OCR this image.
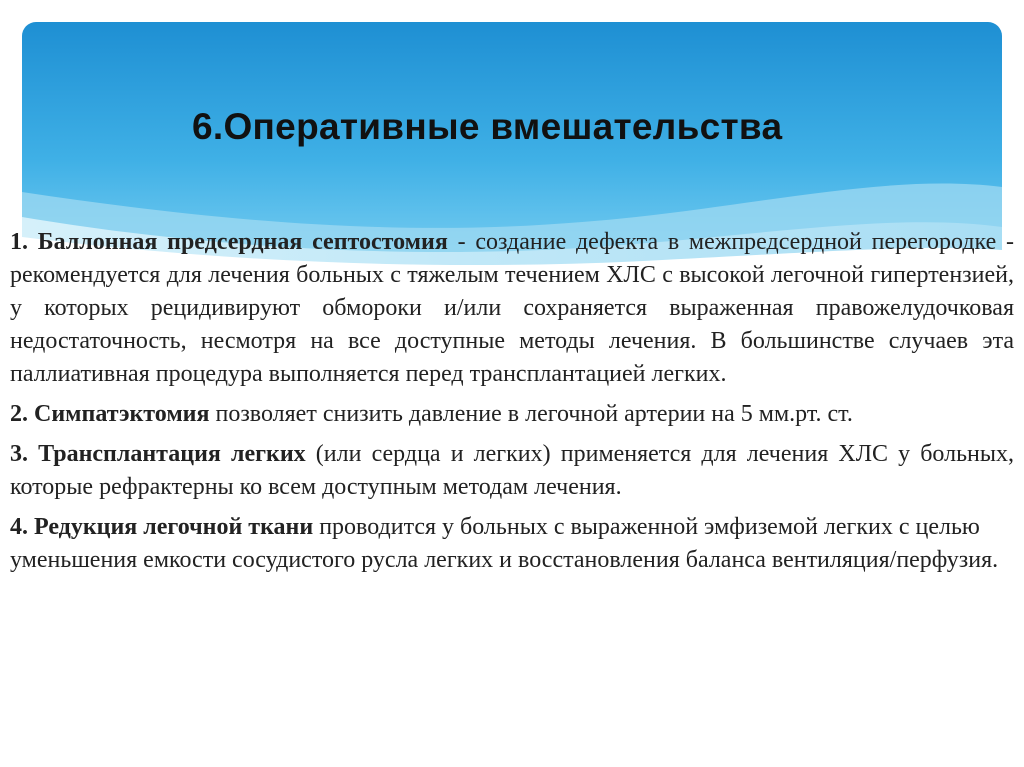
6.Оперативные вмешательства

1. Баллонная предсердная септостомия - создание дефекта в межпредсердной перегородке - рекомендуется для лечения больных с тяжелым течением ХЛС с высокой легочной гипертензией, у которых рецидивируют обмороки и/или сохраняется выраженная правожелудочковая недостаточность, несмотря на все доступные методы лечения. В большинстве случаев эта паллиативная процедура выполняется перед трансплантацией легких.

2. Симпатэктомия позволяет снизить давление в легочной артерии на 5 мм.рт. ст.

3. Трансплантация легких (или сердца и легких) применяется для лечения ХЛС у больных, которые рефрактерны ко всем доступным методам лечения.

4. Редукция легочной ткани проводится у больных с выраженной эмфиземой легких с целью уменьшения емкости сосудистого русла легких и восстановления баланса вентиляция/перфузия.
